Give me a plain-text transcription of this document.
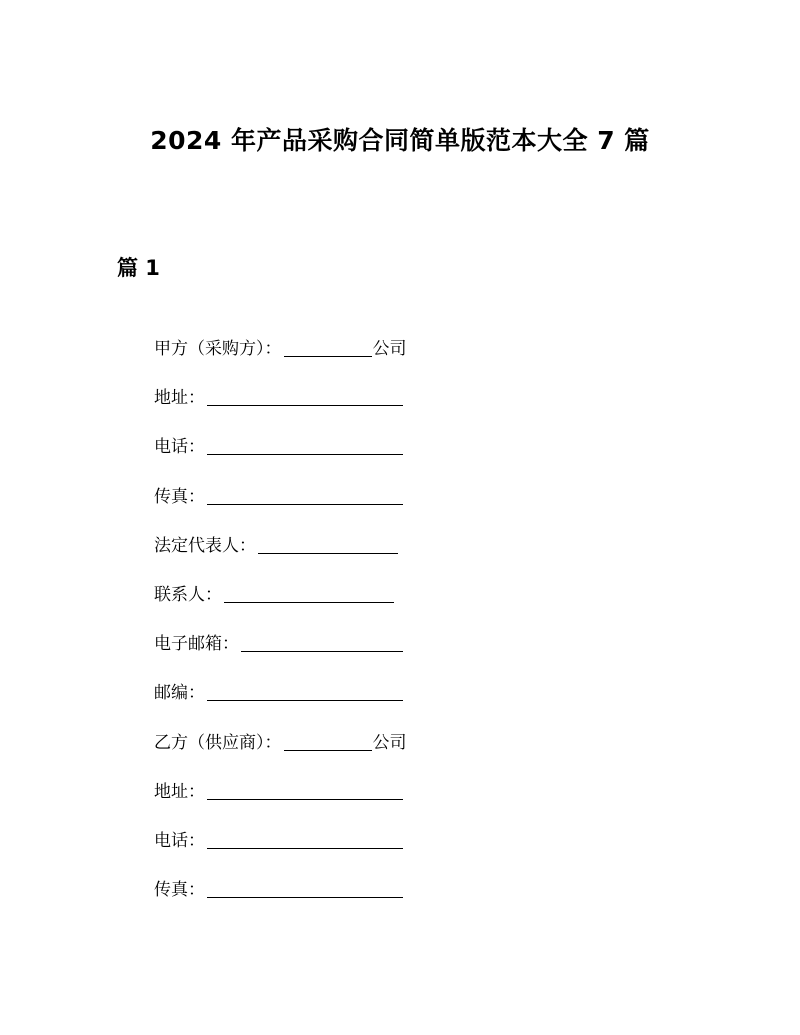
2024 年产品采购合同简单版范本大全 7 篇
篇 1
甲方（采购方）：	公司
地址：
电话：
传真：
法定代表人：
联系人：
电子邮箱：
邮编：
乙方（供应商）：	公司
地址：
电话：
传真：
